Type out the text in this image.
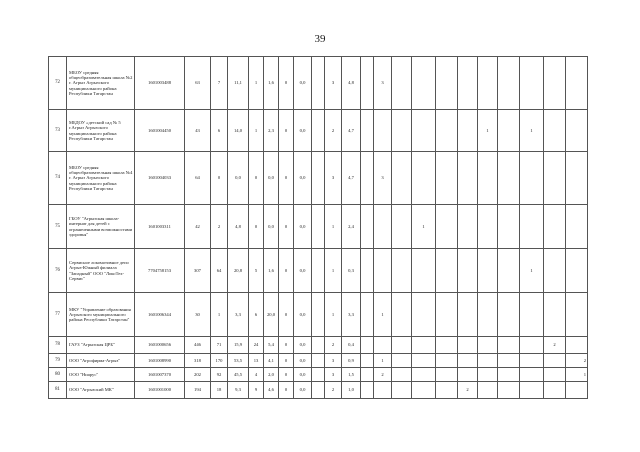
39
72	МБОУ средняя общеобразовательная школа №2 г. Агрыз Агрызского муниципального района Республики Татарстан	1601003488	63	7	11,1	1	1,6	0	0,0		3	4,8		3									
73	МБДОУ «детский сад № 5 г.Агрыз Агрызского муниципального района Республики Татарстан	1601004450	43	6	14,0	1	2,3	0	0,0		2	4,7							1		1		
74	МБОУ средняя общеобразовательная школа №4 г. Агрыз Агрызского муниципального района Республики Татарстан	1601004033	64	0	0,0	0	0,0	0	0,0		3	4,7		3									
75	ГБОУ "Агрызская школа-интернат для детей с ограниченными возможностями здоровья"	1601003311	42	2	4,8	0	0,0	0	0,0		1	2,4				1							
76	Сервисное локомотивное депо Агрыз-Южный филиала "Западный" ООО "ЛокоТех-Сервис"	7704758153	307	64	20,8	5	1,6	0	0,0		1	0,3									1		
77	МКУ "Управление образования Агрызского муниципального района Республики Татарстан"	1601006344	30	1	3,3	6	20,0	0	0,0		1	3,3		1									
78	ГАУЗ "Агрызская ЦРБ"	1601000656	446	71	15,9	24	5,4	0	0,0		2	0,4										2	
79	ООО "Агрофирма-Агрыз"	1601008990	318	170	53,5	13	4,1	0	0,0		3	0,9		1									2
80	ООО "Ниарус"	1601007370	202	92	45,5	4	2,0	0	0,0		3	1,5		2									1
81	ООО "Агрызский МК"	1601001000	194	18	9,3	9	4,6	0	0,0		2	1,0						2					
